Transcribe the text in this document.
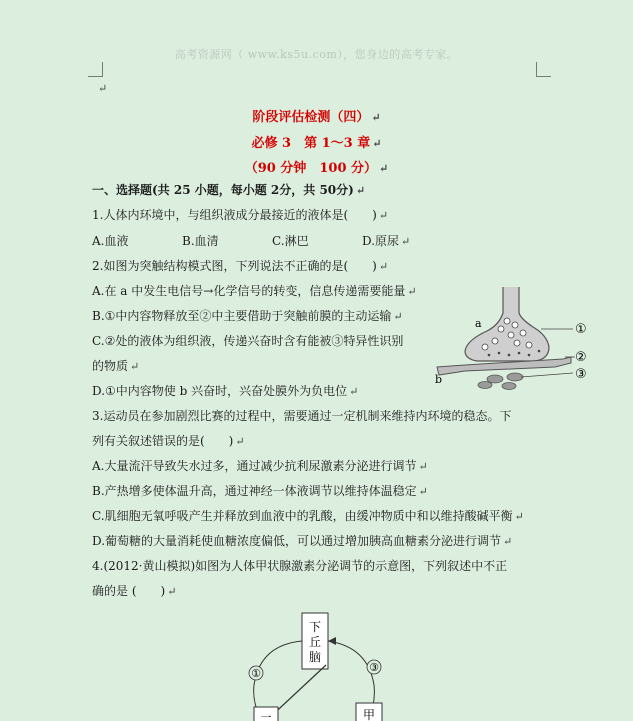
高考资源网（ www.ks5u.com），您身边的高考专家。
↵
阶段评估检测（四） ↵
必修 3　第 1～3 章 ↵
（90 分钟　100 分） ↵
一、选择题(共 25 小题，每小题 2分，共 50分) ↵
1.人体内环境中，与组织液成分最接近的液体是(　　) ↵
A.血液	B.血清	C.淋巴	D.原尿 ↵
2.如图为突触结构模式图，下列说法不正确的是(　　) ↵
A.在 a 中发生电信号→化学信号的转变，信息传递需要能量 ↵
B.①中内容物释放至②中主要借助于突触前膜的主动运输 ↵
C.②处的液体为组织液，传递兴奋时含有能被③特异性识别
的物质 ↵
D.①中内容物使 b 兴奋时，兴奋处膜外为负电位 ↵
a
b
①
②
③
3.运动员在参加剧烈比赛的过程中，需要通过一定机制来维持内环境的稳态。下
列有关叙述错误的是(　　) ↵
A.大量流汗导致失水过多，通过减少抗利尿激素分泌进行调节 ↵
B.产热增多使体温升高，通过神经一体液调节以维持体温稳定 ↵
C.肌细胞无氧呼吸产生并释放到血液中的乳酸，由缓冲物质中和以维持酸碱平衡 ↵
D.葡萄糖的大量消耗使血糖浓度偏低，可以通过增加胰高血糖素分泌进行调节 ↵
4.(2012·黄山模拟)如图为人体甲状腺激素分泌调节的示意图，下列叙述中不正
确的是 (　　) ↵
下
丘
脑
①	③
一	甲
